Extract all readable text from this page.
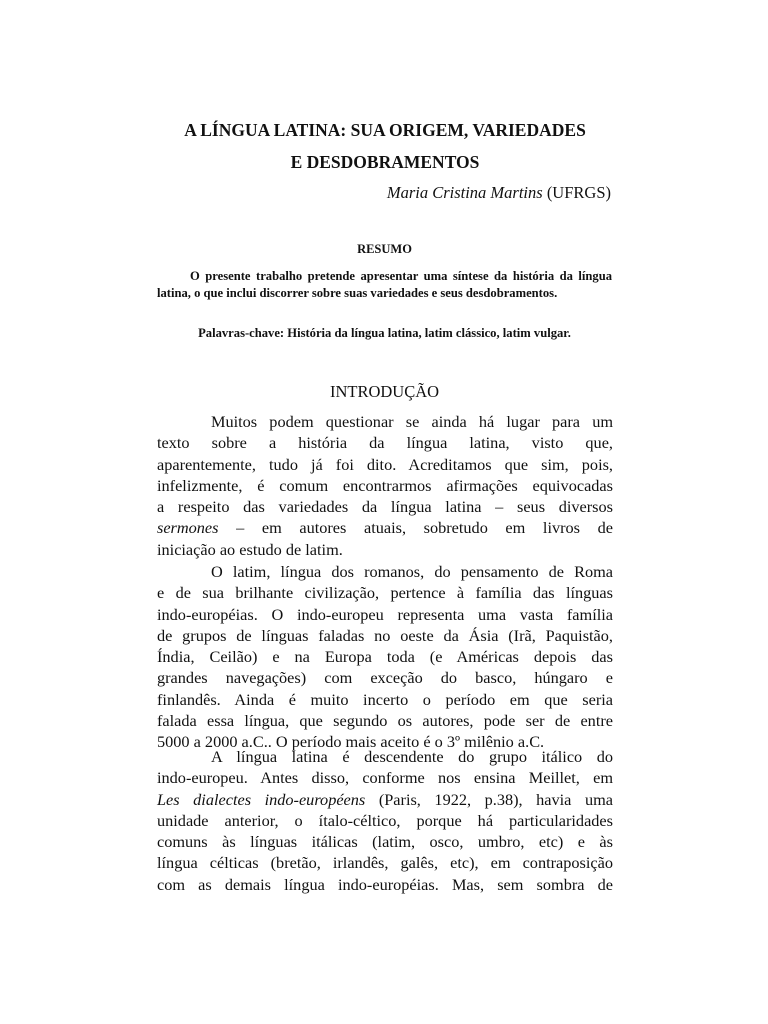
A LÍNGUA LATINA: SUA ORIGEM, VARIEDADES

E DESDOBRAMENTOS

Maria Cristina Martins (UFRGS)

RESUMO

O presente trabalho pretende apresentar uma síntese da história da língua latina, o que inclui discorrer sobre suas variedades e seus desdobramentos.

Palavras-chave: História da língua latina, latim clássico, latim vulgar.

INTRODUÇÃO

Muitos podem questionar se ainda há lugar para um
texto sobre a história da língua latina, visto que,
aparentemente, tudo já foi dito. Acreditamos que sim, pois,
infelizmente, é comum encontrarmos afirmações equivocadas
a respeito das variedades da língua latina – seus diversos
sermones – em autores atuais, sobretudo em livros de
iniciação ao estudo de latim.
O latim, língua dos romanos, do pensamento de Roma
e de sua brilhante civilização, pertence à família das línguas
indo-européias. O indo-europeu representa uma vasta família
de grupos de línguas faladas no oeste da Ásia (Irã, Paquistão,
Índia, Ceilão) e na Europa toda (e Américas depois das
grandes navegações) com exceção do basco, húngaro e
finlandês. Ainda é muito incerto o período em que seria
falada essa língua, que segundo os autores, pode ser de entre
5000 a 2000 a.C.. O período mais aceito é o 3º milênio a.C.
A língua latina é descendente do grupo itálico do
indo-europeu. Antes disso, conforme nos ensina Meillet, em
Les dialectes indo-européens (Paris, 1922, p.38), havia uma
unidade anterior, o ítalo-céltico, porque há particularidades
comuns às línguas itálicas (latim, osco, umbro, etc) e às
língua célticas (bretão, irlandês, galês, etc), em contraposição
com as demais língua indo-européias. Mas, sem sombra de
